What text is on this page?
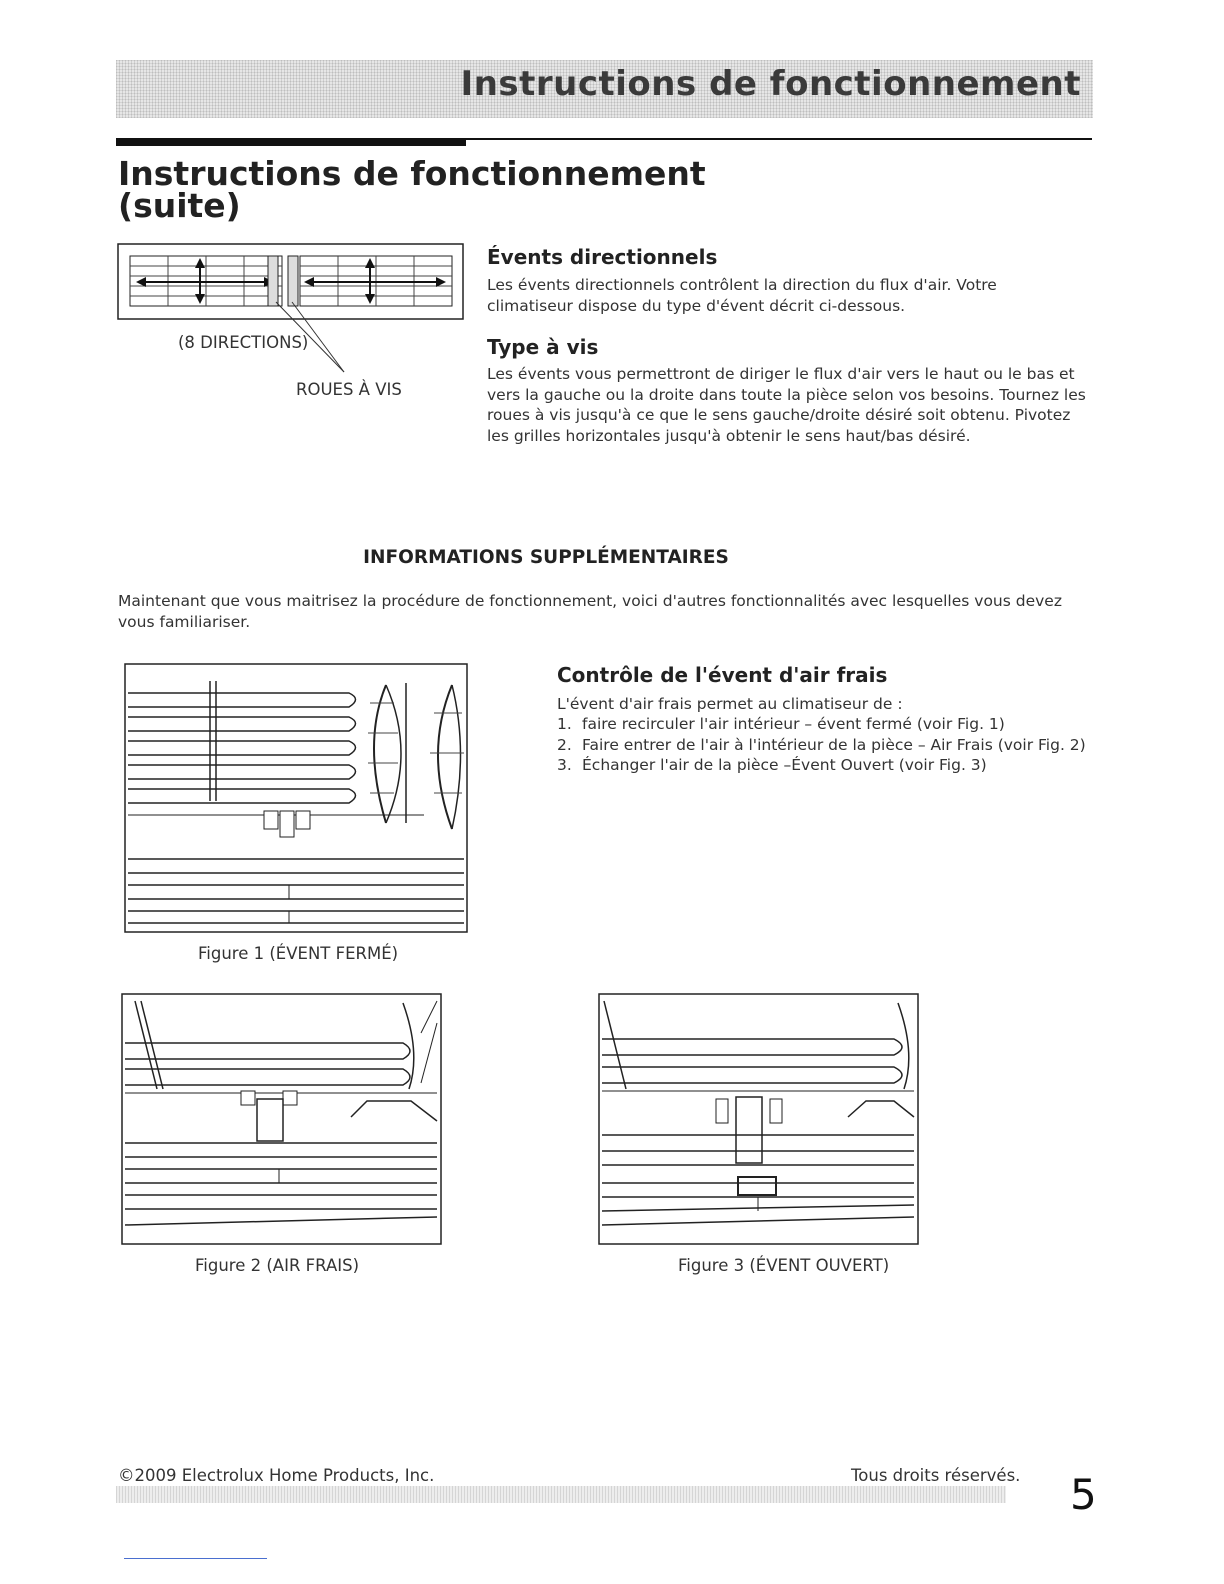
Instructions de fonctionnement
Instructions de fonctionnement
(suite)
(8 DIRECTIONS)
ROUES À VIS
Évents directionnels
Les évents directionnels contrôlent la direction du flux d'air. Votre climatiseur dispose du type d'évent décrit ci-dessous.
Type à vis
Les évents vous permettront de diriger le flux d'air vers le haut ou le bas et vers la gauche ou la droite dans toute la pièce selon vos besoins. Tournez les roues à vis jusqu'à ce que le sens gauche/droite désiré soit obtenu. Pivotez les grilles horizontales jusqu'à obtenir le sens haut/bas désiré.
INFORMATIONS SUPPLÉMENTAIRES
Maintenant que vous maitrisez la procédure de fonctionnement, voici d'autres fonctionnalités avec lesquelles vous devez vous familiariser.
Figure 1 (ÉVENT FERMÉ)
Contrôle de l'évent d'air frais
L'évent d'air frais permet au climatiseur de :
1. faire recirculer l'air intérieur – évent fermé (voir Fig. 1)
2. Faire entrer de l'air à l'intérieur de la pièce – Air Frais (voir Fig. 2)
3. Échanger l'air de la pièce –Évent Ouvert (voir Fig. 3)
Figure 2 (AIR FRAIS)	Figure 3 (ÉVENT OUVERT)
©2009 Electrolux Home Products, Inc.	Tous droits réservés. 5
